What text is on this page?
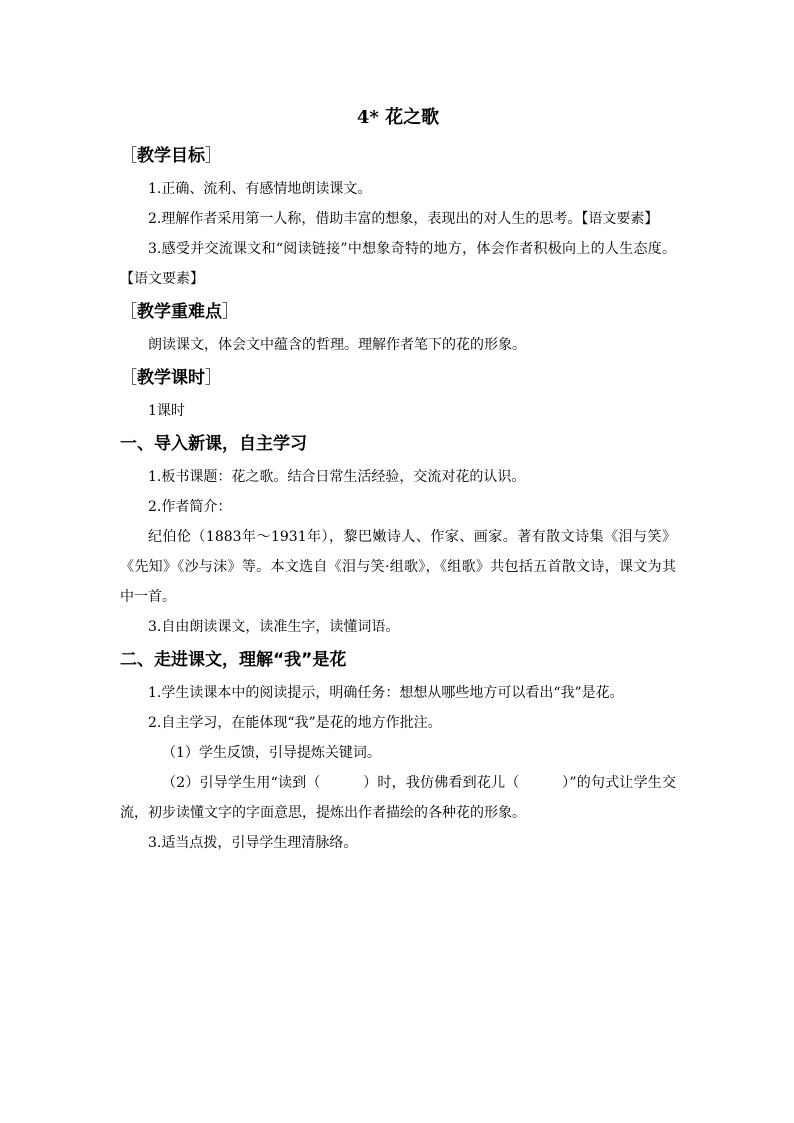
4* 花之歌
［教学目标］

1.正确、流利、有感情地朗读课文。

2.理解作者采用第一人称，借助丰富的想象，表现出的对人生的思考。【语文要素】

3.感受并交流课文和“阅读链接”中想象奇特的地方，体会作者积极向上的人生态度。【语文要素】

［教学重难点］

朗读课文，体会文中蕴含的哲理。理解作者笔下的花的形象。

［教学课时］

1课时

一、导入新课，自主学习

1.板书课题：花之歌。结合日常生活经验，交流对花的认识。

2.作者简介：

纪伯伦（1883年～1931年），黎巴嫩诗人、作家、画家。著有散文诗集《泪与笑》《先知》《沙与沫》等。本文选自《泪与笑·组歌》，《组歌》共包括五首散文诗，课文为其中一首。

3.自由朗读课文，读准生字，读懂词语。

二、走进课文，理解“我”是花

1.学生读课本中的阅读提示，明确任务：想想从哪些地方可以看出“我”是花。

2.自主学习，在能体现“我”是花的地方作批注。

（1）学生反馈，引导提炼关键词。

（2）引导学生用“读到（　　　）时，我仿佛看到花儿（　　　）”的句式让学生交流，初步读懂文字的字面意思，提炼出作者描绘的各种花的形象。

3.适当点拨，引导学生理清脉络。
